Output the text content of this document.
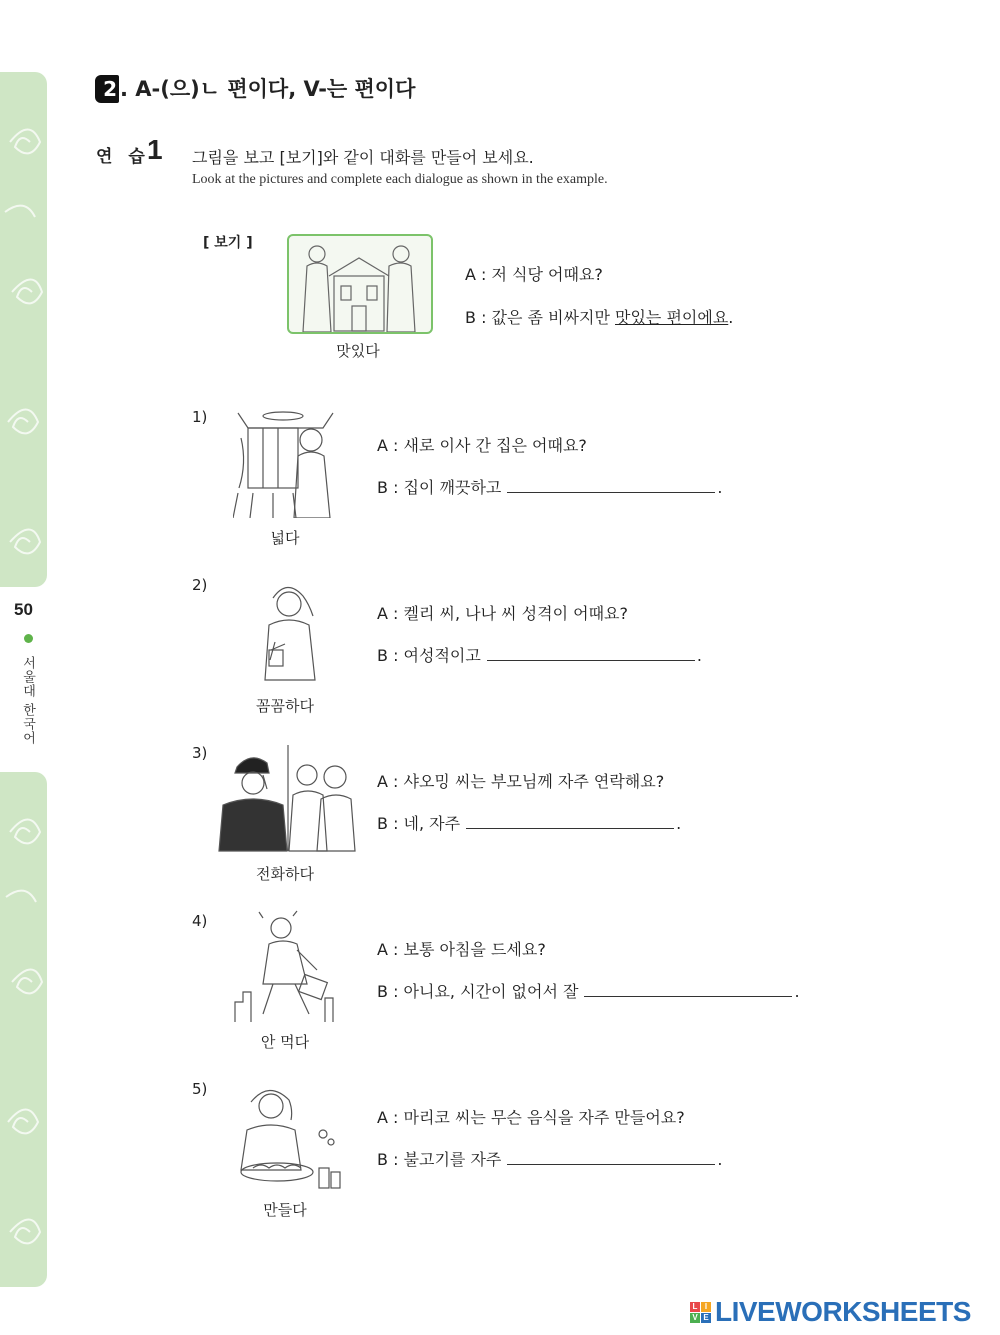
50
서울대 한국어
2 . A-(으)ㄴ 편이다, V-는 편이다
연 습
1 그림을 보고 [보기]와 같이 대화를 만들어 보세요.
Look at the pictures and complete each dialogue as shown in the example.
[ 보기 ]
맛있다
A : 저 식당 어때요?
B : 값은 좀 비싸지만 맛있는 편이에요.
1)
넓다
A : 새로 이사 간 집은 어때요?
B : 집이 깨끗하고	.
2)
꼼꼼하다
A : 켈리 씨, 나나 씨 성격이 어때요?
B : 여성적이고	.
3)
전화하다
A : 샤오밍 씨는 부모님께 자주 연락해요?
B : 네, 자주	.
4)
안 먹다
A : 보통 아침을 드세요?
B : 아니요, 시간이 없어서 잘	.
5)
만들다
A : 마리코 씨는 무슨 음식을 자주 만들어요?
B : 불고기를 자주	.
L I
V E LIVEWORKSHEETS
